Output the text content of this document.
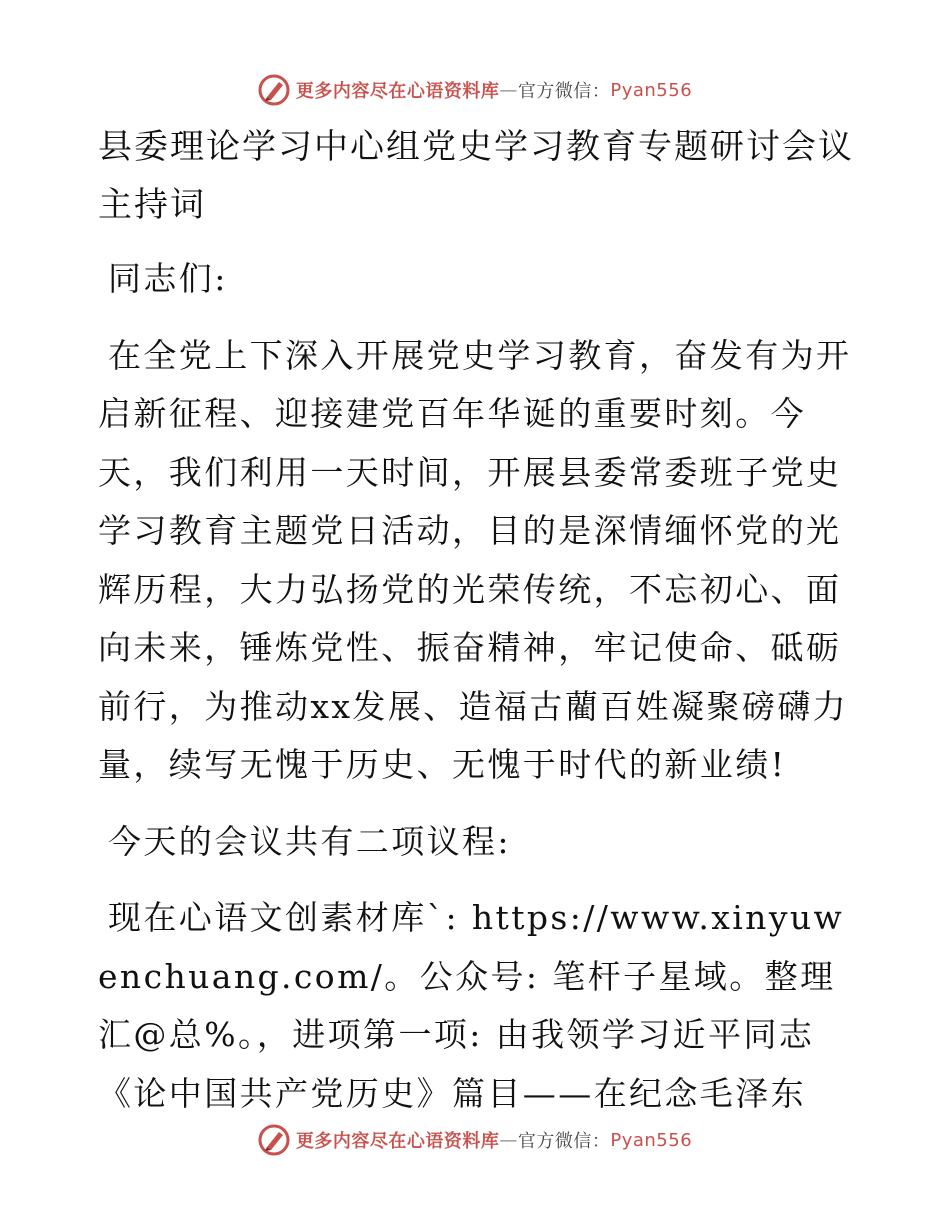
更多内容尽在心语资料库 — 官方微信： Pyan556
县委理论学习中心组党史学习教育专题研讨会议主持词

同志们:

在全党上下深入开展党史学习教育，奋发有为开启新征程、迎接建党百年华诞的重要时刻。今天，我们利用一天时间，开展县委常委班子党史学习教育主题党日活动，目的是深情缅怀党的光辉历程，大力弘扬党的光荣传统，不忘初心、面向未来，锤炼党性、振奋精神，牢记使命、砥砺前行，为推动xx发展、造福古藺百姓凝聚磅礴力量，续写无愧于历史、无愧于时代的新业绩!

今天的会议共有二项议程:

现在心语文创素材库`: https://www.xinyuwenchuang.com/。公众号: 笔杆子星域。整理汇@总%。，进项第一项: 由我领学习近平同志《论中国共产党历史》篇目——在纪念毛泽东

更多内容尽在心语资料库 — 官方微信： Pyan556
